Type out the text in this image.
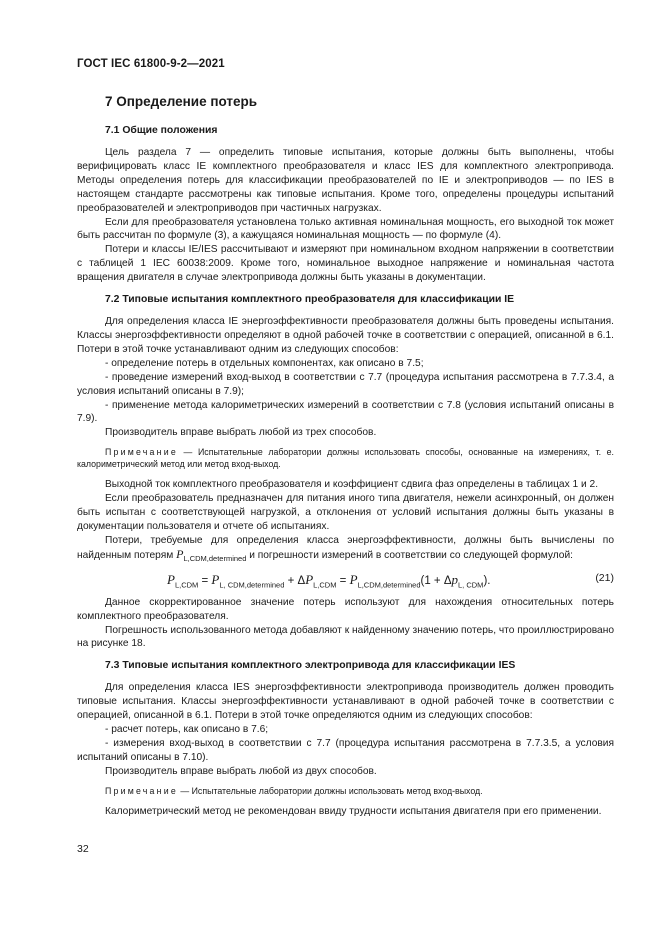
ГОСТ IEC 61800-9-2—2021
7 Определение потерь
7.1 Общие положения

Цель раздела 7 — определить типовые испытания, которые должны быть выполнены, чтобы верифицировать класс IE комплектного преобразователя и класс IES для комплектного электропривода. Методы определения потерь для классификации преобразователей по IE и электроприводов — по IES в настоящем стандарте рассмотрены как типовые испытания. Кроме того, определены процедуры испытаний преобразователей и электроприводов при частичных нагрузках.

Если для преобразователя установлена только активная номинальная мощность, его выходной ток может быть рассчитан по формуле (3), а кажущаяся номинальная мощность — по формуле (4).

Потери и классы IE/IES рассчитывают и измеряют при номинальном входном напряжении в соответствии с таблицей 1 IEC 60038:2009. Кроме того, номинальное выходное напряжение и номинальная частота вращения двигателя в случае электропривода должны быть указаны в документации.

7.2 Типовые испытания комплектного преобразователя для классификации IE

Для определения класса IE энергоэффективности преобразователя должны быть проведены испытания. Классы энергоэффективности определяют в одной рабочей точке в соответствии с операцией, описанной в 6.1. Потери в этой точке устанавливают одним из следующих способов:

- определение потерь в отдельных компонентах, как описано в 7.5;

- проведение измерений вход-выход в соответствии с 7.7 (процедура испытания рассмотрена в 7.7.3.4, а условия испытаний описаны в 7.9);

- применение метода калориметрических измерений в соответствии с 7.8 (условия испытаний описаны в 7.9).

Производитель вправе выбрать любой из трех способов.

Примечание — Испытательные лаборатории должны использовать способы, основанные на измерениях, т. е. калориметрический метод или метод вход-выход.

Выходной ток комплектного преобразователя и коэффициент сдвига фаз определены в таблицах 1 и 2.

Если преобразователь предназначен для питания иного типа двигателя, нежели асинхронный, он должен быть испытан с соответствующей нагрузкой, а отклонения от условий испытания должны быть указаны в документации пользователя и отчете об испытаниях.

Потери, требуемые для определения класса энергоэффективности, должны быть вычислены по найденным потерям $P_{L,CDM,determined}$ и погрешности измерений в соответствии со следующей формулой:

$P_{L,CDM} = P_{L, CDM,determined} + \Delta P_{L,CDM} = P_{L,CDM,determined}(1 + \Delta p_{L, CDM})$.	(21)

Данное скорректированное значение потерь используют для нахождения относительных потерь комплектного преобразователя.

Погрешность использованного метода добавляют к найденному значению потерь, что проиллюстрировано на рисунке 18.

7.3 Типовые испытания комплектного электропривода для классификации IES

Для определения класса IES энергоэффективности электропривода производитель должен проводить типовые испытания. Классы энергоэффективности устанавливают в одной рабочей точке в соответствии с операцией, описанной в 6.1. Потери в этой точке определяются одним из следующих способов:

- расчет потерь, как описано в 7.6;

- измерения вход-выход в соответствии с 7.7 (процедура испытания рассмотрена в 7.7.3.5, а условия испытаний описаны в 7.10).

Производитель вправе выбрать любой из двух способов.

Примечание — Испытательные лаборатории должны использовать метод вход-выход.

Калориметрический метод не рекомендован ввиду трудности испытания двигателя при его применении.

32
